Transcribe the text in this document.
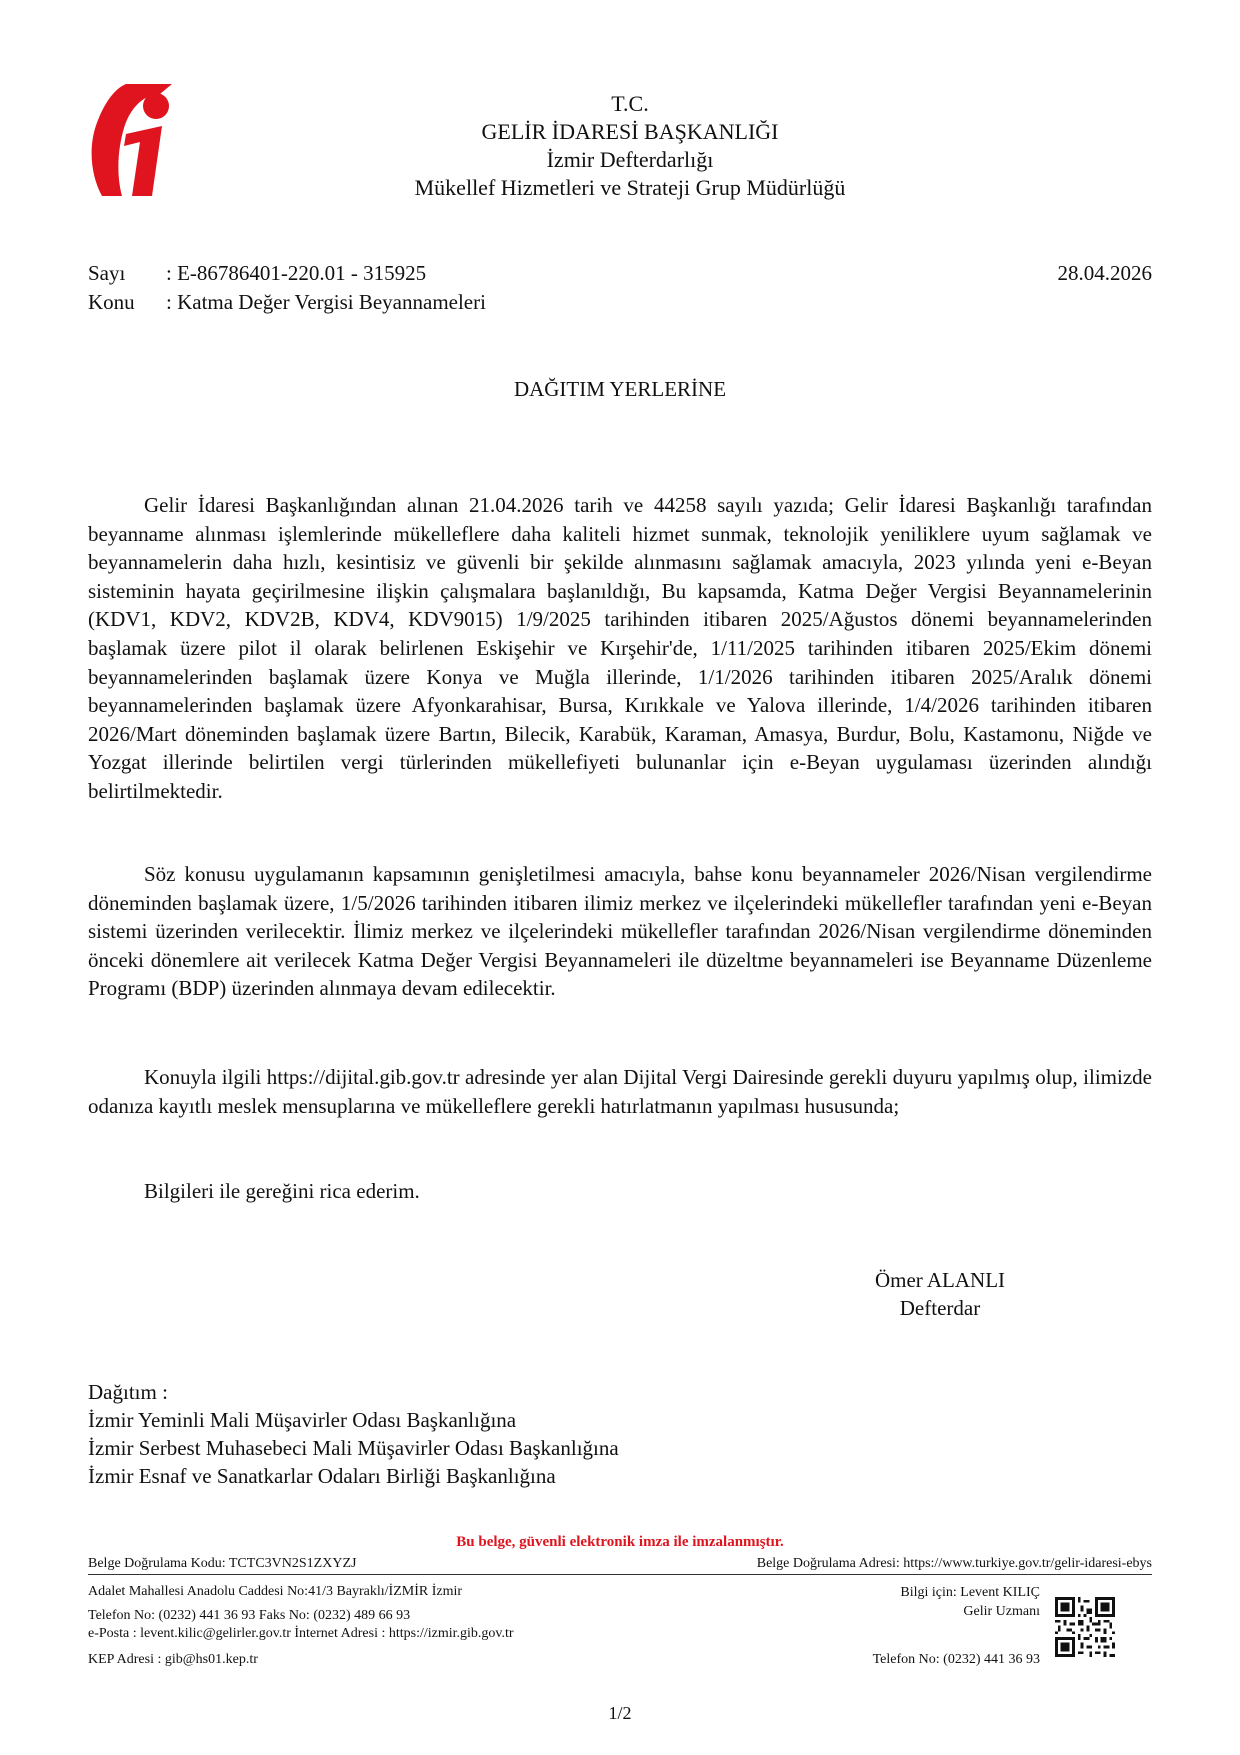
T.C.
GELİR İDARESİ BAŞKANLIĞI
İzmir Defterdarlığı
Mükellef Hizmetleri ve Strateji Grup Müdürlüğü
Sayı : E-86786401-220.01 - 315925
Konu : Katma Değer Vergisi Beyannameleri
28.04.2026
DAĞITIM YERLERİNE

Gelir İdaresi Başkanlığından alınan 21.04.2026 tarih ve 44258 sayılı yazıda; Gelir İdaresi Başkanlığı tarafından beyanname alınması işlemlerinde mükelleflere daha kaliteli hizmet sunmak, teknolojik yeniliklere uyum sağlamak ve beyannamelerin daha hızlı, kesintisiz ve güvenli bir şekilde alınmasını sağlamak amacıyla, 2023 yılında yeni e-Beyan sisteminin hayata geçirilmesine ilişkin çalışmalara başlanıldığı, Bu kapsamda, Katma Değer Vergisi Beyannamelerinin (KDV1, KDV2, KDV2B, KDV4, KDV9015) 1/9/2025 tarihinden itibaren 2025/Ağustos dönemi beyannamelerinden başlamak üzere pilot il olarak belirlenen Eskişehir ve Kırşehir'de, 1/11/2025 tarihinden itibaren 2025/Ekim dönemi beyannamelerinden başlamak üzere Konya ve Muğla illerinde, 1/1/2026 tarihinden itibaren 2025/Aralık dönemi beyannamelerinden başlamak üzere Afyonkarahisar, Bursa, Kırıkkale ve Yalova illerinde, 1/4/2026 tarihinden itibaren 2026/Mart döneminden başlamak üzere Bartın, Bilecik, Karabük, Karaman, Amasya, Burdur, Bolu, Kastamonu, Niğde ve Yozgat illerinde belirtilen vergi türlerinden mükellefiyeti bulunanlar için e-Beyan uygulaması üzerinden alındığı belirtilmektedir.

Söz konusu uygulamanın kapsamının genişletilmesi amacıyla, bahse konu beyannameler 2026/Nisan vergilendirme döneminden başlamak üzere, 1/5/2026 tarihinden itibaren ilimiz merkez ve ilçelerindeki mükellefler tarafından yeni e-Beyan sistemi üzerinden verilecektir. İlimiz merkez ve ilçelerindeki mükellefler tarafından 2026/Nisan vergilendirme döneminden önceki dönemlere ait verilecek Katma Değer Vergisi Beyannameleri ile düzeltme beyannameleri ise Beyanname Düzenleme Programı (BDP) üzerinden alınmaya devam edilecektir.

Konuyla ilgili https://dijital.gib.gov.tr adresinde yer alan Dijital Vergi Dairesinde gerekli duyuru yapılmış olup, ilimizde odanıza kayıtlı meslek mensuplarına ve mükelleflere gerekli hatırlatmanın yapılması hususunda;

Bilgileri ile gereğini rica ederim.

Ömer ALANLI
Defterdar
Dağıtım :
İzmir Yeminli Mali Müşavirler Odası Başkanlığına
İzmir Serbest Muhasebeci Mali Müşavirler Odası Başkanlığına
İzmir Esnaf ve Sanatkarlar Odaları Birliği Başkanlığına
Bu belge, güvenli elektronik imza ile imzalanmıştır.
Belge Doğrulama Kodu: TCTC3VN2S1ZXYZJ	Belge Doğrulama Adresi: https://www.turkiye.gov.tr/gelir-idaresi-ebys
Adalet Mahallesi Anadolu Caddesi No:41/3 Bayraklı/İZMİR İzmir
Telefon No: (0232) 441 36 93 Faks No: (0232) 489 66 93
e-Posta : levent.kilic@gelirler.gov.tr İnternet Adresi : https://izmir.gib.gov.tr
KEP Adresi : gib@hs01.kep.tr
Bilgi için: Levent KILIÇ
Gelir Uzmanı
Telefon No: (0232) 441 36 93
1/2
